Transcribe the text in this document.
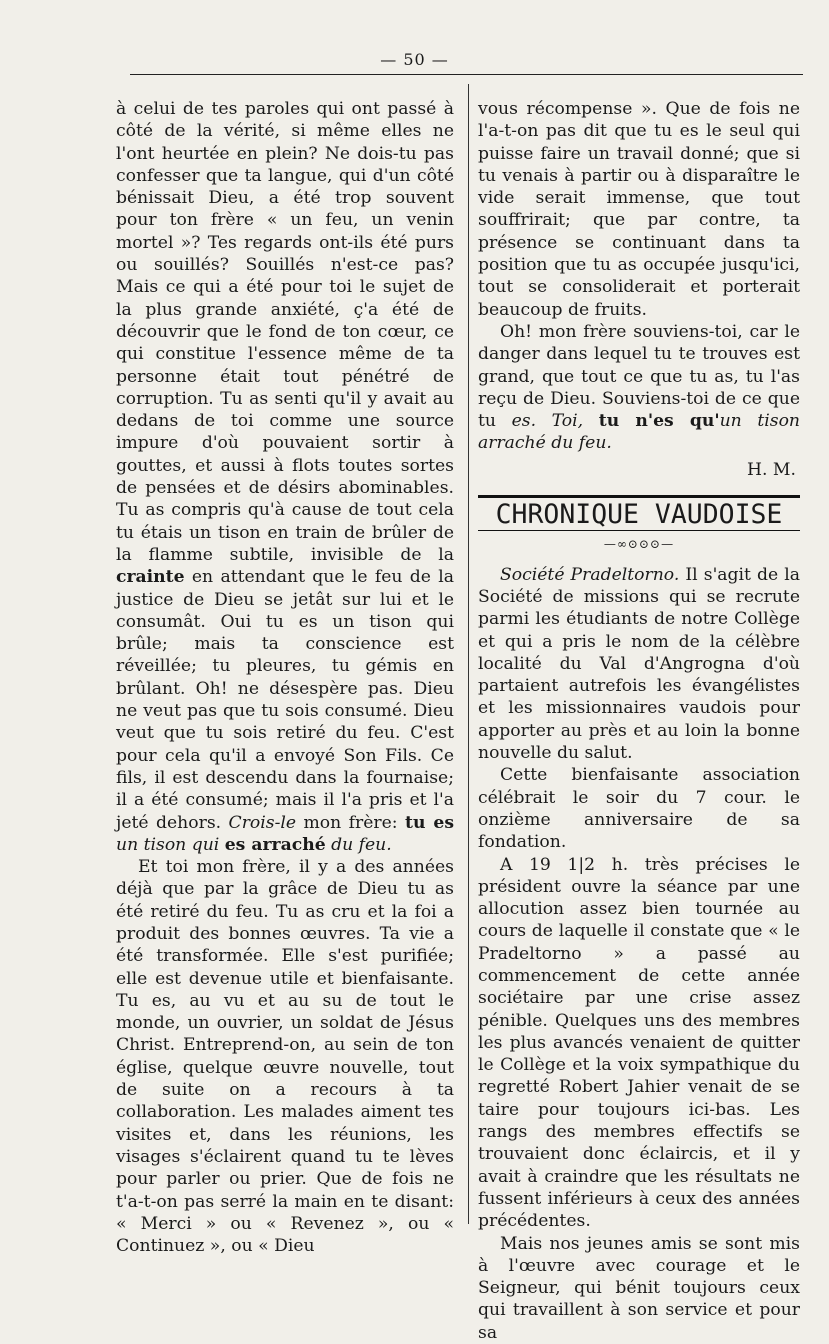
— 50 —

à celui de tes paroles qui ont passé à côté de la vérité, si même elles ne l'ont heurtée en plein? Ne dois-tu pas confesser que ta langue, qui d'un côté bénissait Dieu, a été trop souvent pour ton frère « un feu, un venin mortel »? Tes regards ont-ils été purs ou souillés? Souillés n'est-ce pas? Mais ce qui a été pour toi le sujet de la plus grande anxiété, ç'a été de découvrir que le fond de ton cœur, ce qui constitue l'essence même de ta personne était tout pénétré de corruption. Tu as senti qu'il y avait au dedans de toi comme une source impure d'où pouvaient sortir à gouttes, et aussi à flots toutes sortes de pensées et de désirs abominables. Tu as compris qu'à cause de tout cela tu étais un tison en train de brûler de la flamme subtile, invisible de la crainte en attendant que le feu de la justice de Dieu se jetât sur lui et le consumât. Oui tu es un tison qui brûle; mais ta conscience est réveillée; tu pleures, tu gémis en brûlant. Oh! ne désespère pas. Dieu ne veut pas que tu sois consumé. Dieu veut que tu sois retiré du feu. C'est pour cela qu'il a envoyé Son Fils. Ce fils, il est descendu dans la fournaise; il a été consumé; mais il l'a pris et l'a jeté dehors. Crois-le mon frère: tu es un tison qui es arraché du feu.

Et toi mon frère, il y a des années déjà que par la grâce de Dieu tu as été retiré du feu. Tu as cru et la foi a produit des bonnes œuvres. Ta vie a été transformée. Elle s'est purifiée; elle est devenue utile et bienfaisante. Tu es, au vu et au su de tout le monde, un ouvrier, un soldat de Jésus Christ. Entreprend-on, au sein de ton église, quelque œuvre nouvelle, tout de suite on a recours à ta collaboration. Les malades aiment tes visites et, dans les réunions, les visages s'éclairent quand tu te lèves pour parler ou prier. Que de fois ne t'a-t-on pas serré la main en te disant: « Merci » ou « Revenez », ou « Continuez », ou « Dieu

vous récompense ». Que de fois ne l'a-t-on pas dit que tu es le seul qui puisse faire un travail donné; que si tu venais à partir ou à disparaître le vide serait immense, que tout souffrirait; que par contre, ta présence se continuant dans ta position que tu as occupée jusqu'ici, tout se consoliderait et porterait beaucoup de fruits.

Oh! mon frère souviens-toi, car le danger dans lequel tu te trouves est grand, que tout ce que tu as, tu l'as reçu de Dieu. Souviens-toi de ce que tu es. Toi, tu n'es qu'un tison arraché du feu.

H. M.

CHRONIQUE VAUDOISE
—∞⊙⊙⊙—

Société Pradeltorno. Il s'agit de la Société de missions qui se recrute parmi les étudiants de notre Collège et qui a pris le nom de la célèbre localité du Val d'Angrogna d'où partaient autrefois les évangélistes et les missionnaires vaudois pour apporter au près et au loin la bonne nouvelle du salut.

Cette bienfaisante association célébrait le soir du 7 cour. le onzième anniversaire de sa fondation.

A 19 1|2 h. très précises le président ouvre la séance par une allocution assez bien tournée au cours de laquelle il constate que « le Pradeltorno » a passé au commencement de cette année sociétaire par une crise assez pénible. Quelques uns des membres les plus avancés venaient de quitter le Collège et la voix sympathique du regretté Robert Jahier venait de se taire pour toujours ici-bas. Les rangs des membres effectifs se trouvaient donc éclaircis, et il y avait à craindre que les résultats ne fussent inférieurs à ceux des années précédentes.

Mais nos jeunes amis se sont mis à l'œuvre avec courage et le Seigneur, qui bénit toujours ceux qui travaillent à son service et pour sa
